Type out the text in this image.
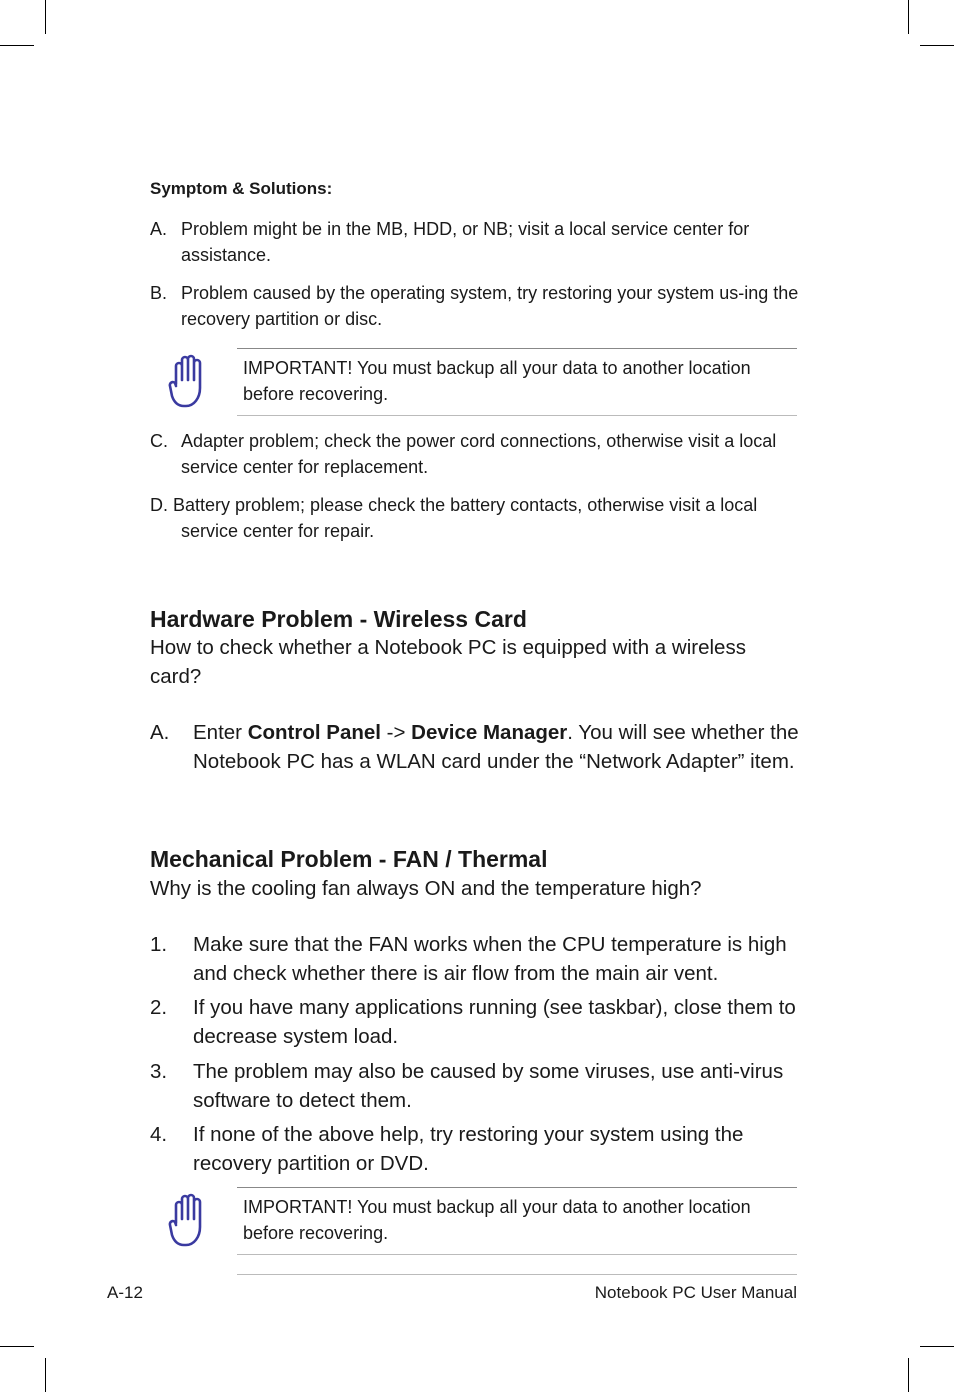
Symptom & Solutions:
A. Problem might be in the MB, HDD, or NB; visit a local service center for assistance.
B. Problem caused by the operating system, try restoring your system us-ing the recovery partition or disc.
IMPORTANT! You must backup all your data to another location before recovering.
C. Adapter problem; check the power cord connections, otherwise visit a local service center for replacement.
D. Battery problem; please check the battery contacts, otherwise visit a local service center for repair.
Hardware Problem - Wireless Card
How to check whether a Notebook PC is equipped with a wireless card?
A.	Enter Control Panel -> Device Manager. You will see whether the Notebook PC has a WLAN card under the “Network Adapter” item.
Mechanical Problem - FAN / Thermal
Why is the cooling fan always ON and the temperature high?
1.	Make sure that the FAN works when the CPU temperature is high and check whether there is air flow from the main air vent.
2.	If you have many applications running (see taskbar), close them to decrease system load.
3.	The problem may also be caused by some viruses, use anti-virus software to detect them.
4.	If none of the above help, try restoring your system using the recovery partition or DVD.
IMPORTANT! You must backup all your data to another location before recovering.
A-12	Notebook PC User Manual
